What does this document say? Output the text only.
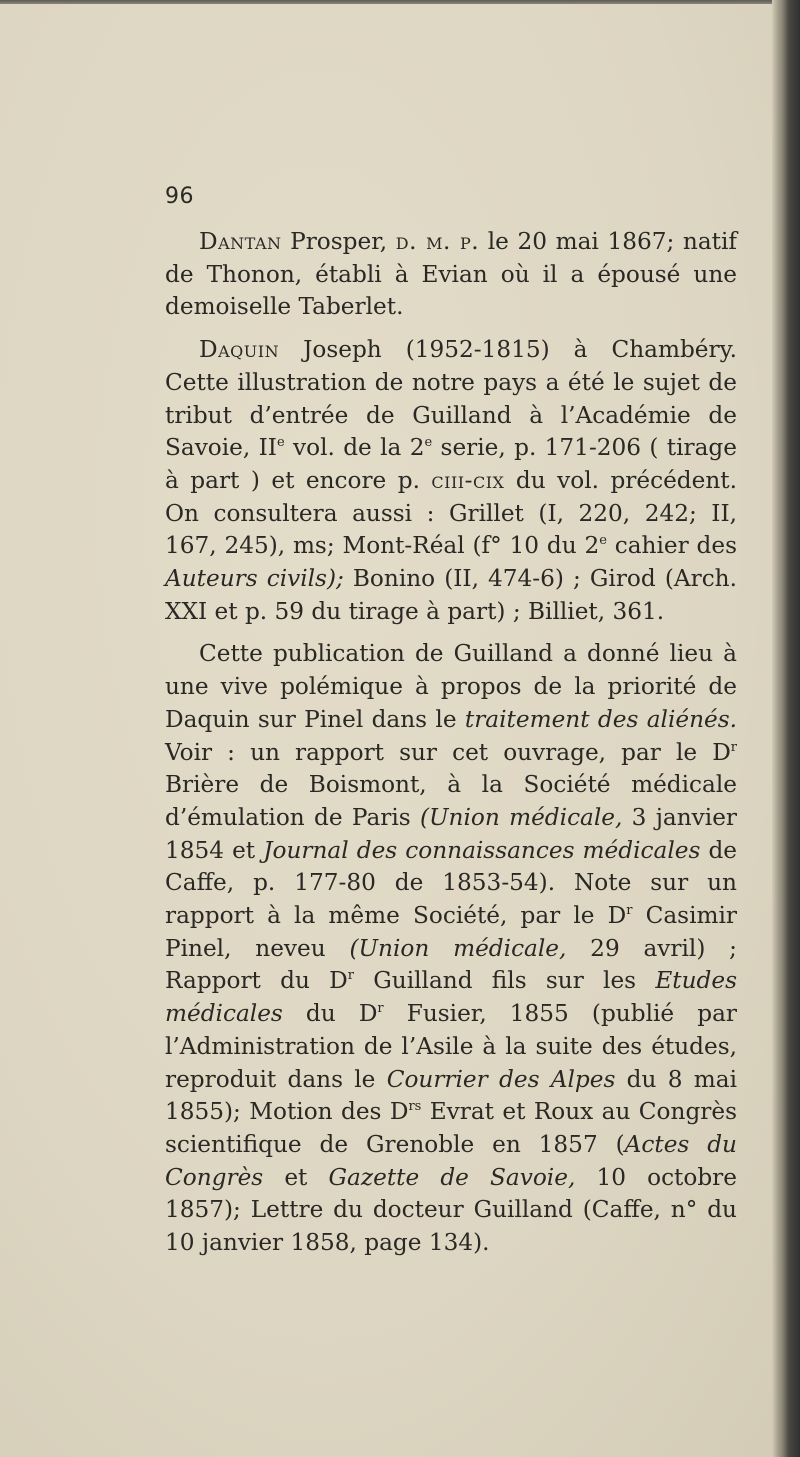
96

Dantan Prosper, d. m. p. le 20 mai 1867; natif de Thonon, établi à Evian où il a épousé une demoiselle Taberlet.

Daquin Joseph (1952-1815) à Chambéry. Cette illustration de notre pays a été le sujet de tribut d’entrée de Guilland à l’Académie de Savoie, IIe vol. de la 2e serie, p. 171-206 ( tirage à part ) et encore p. ciii-cix du vol. précédent. On consultera aussi : Grillet (I, 220, 242; II, 167, 245), ms; Mont-Réal (f° 10 du 2e cahier des Auteurs civils); Bonino (II, 474-6) ; Girod (Arch. XXI et p. 59 du tirage à part) ; Billiet, 361.

Cette publication de Guilland a donné lieu à une vive polémique à propos de la priorité de Daquin sur Pinel dans le traitement des aliénés. Voir : un rapport sur cet ouvrage, par le $D^r$ Brière de Boismont, à la Société médicale d’émulation de Paris (Union médicale, 3 janvier 1854 et Journal des connaissances médicales de Caffe, p. 177-80 de 1853-54). Note sur un rapport à la même Société, par le $D^r$ Casimir Pinel, neveu (Union médicale, 29 avril) ; Rapport du $D^r$ Guilland fils sur les Etudes médicales du $D^r$ Fusier, 1855 (publié par l’Administration de l’Asile à la suite des études, reproduit dans le Courrier des Alpes du 8 mai 1855); Motion des $D^{rs}$ Evrat et Roux au Congrès scientifique de Grenoble en 1857 (Actes du Congrès et Gazette de Savoie, 10 octobre 1857); Lettre du docteur Guilland (Caffe, n° du 10 janvier 1858, page 134).
